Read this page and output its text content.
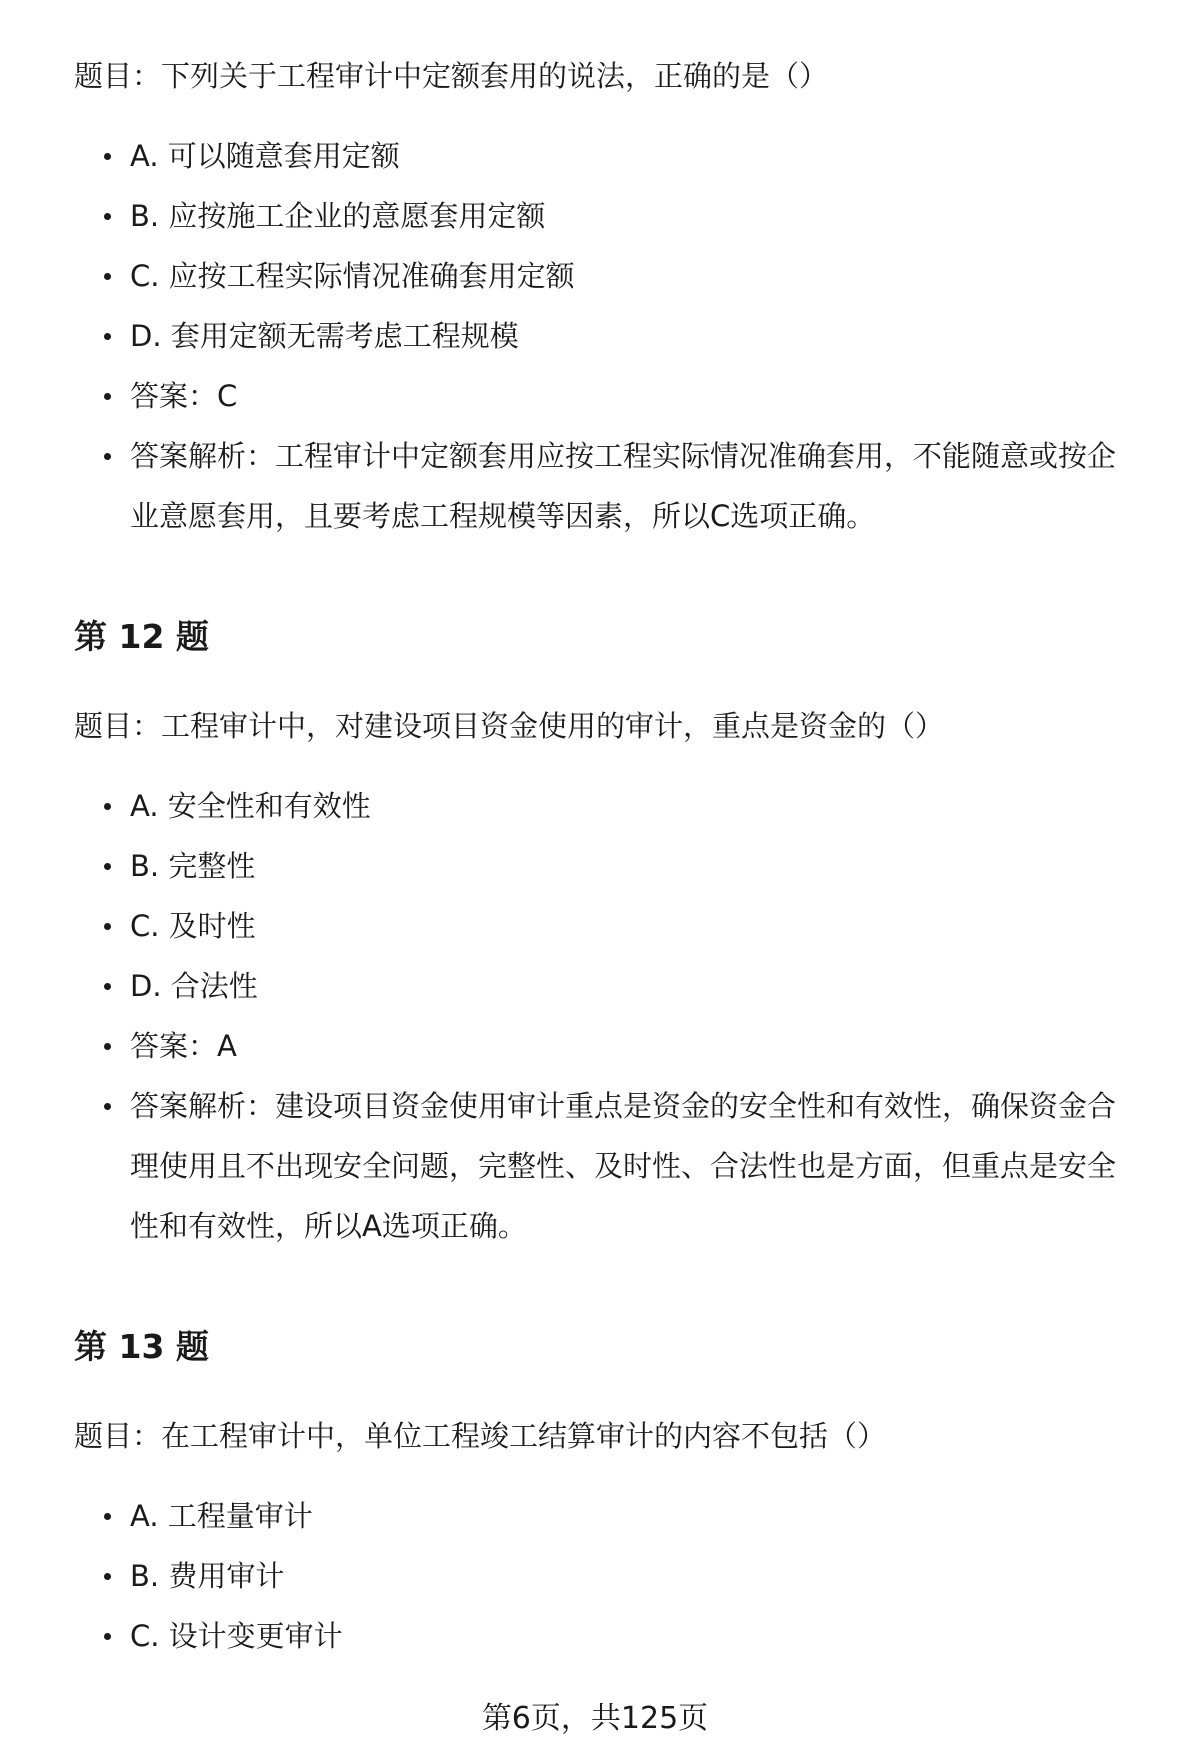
题目：下列关于工程审计中定额套用的说法，正确的是（）

A. 可以随意套用定额
B. 应按施工企业的意愿套用定额
C. 应按工程实际情况准确套用定额
D. 套用定额无需考虑工程规模
答案：C
答案解析：工程审计中定额套用应按工程实际情况准确套用，不能随意或按企
业意愿套用，且要考虑工程规模等因素，所以C选项正确。
第 12 题

题目：工程审计中，对建设项目资金使用的审计，重点是资金的（）

A. 安全性和有效性
B. 完整性
C. 及时性
D. 合法性
答案：A
答案解析：建设项目资金使用审计重点是资金的安全性和有效性，确保资金合
理使用且不出现安全问题，完整性、及时性、合法性也是方面，但重点是安全
性和有效性，所以A选项正确。
第 13 题

题目：在工程审计中，单位工程竣工结算审计的内容不包括（）

A. 工程量审计
B. 费用审计
C. 设计变更审计
第6页，共125页
